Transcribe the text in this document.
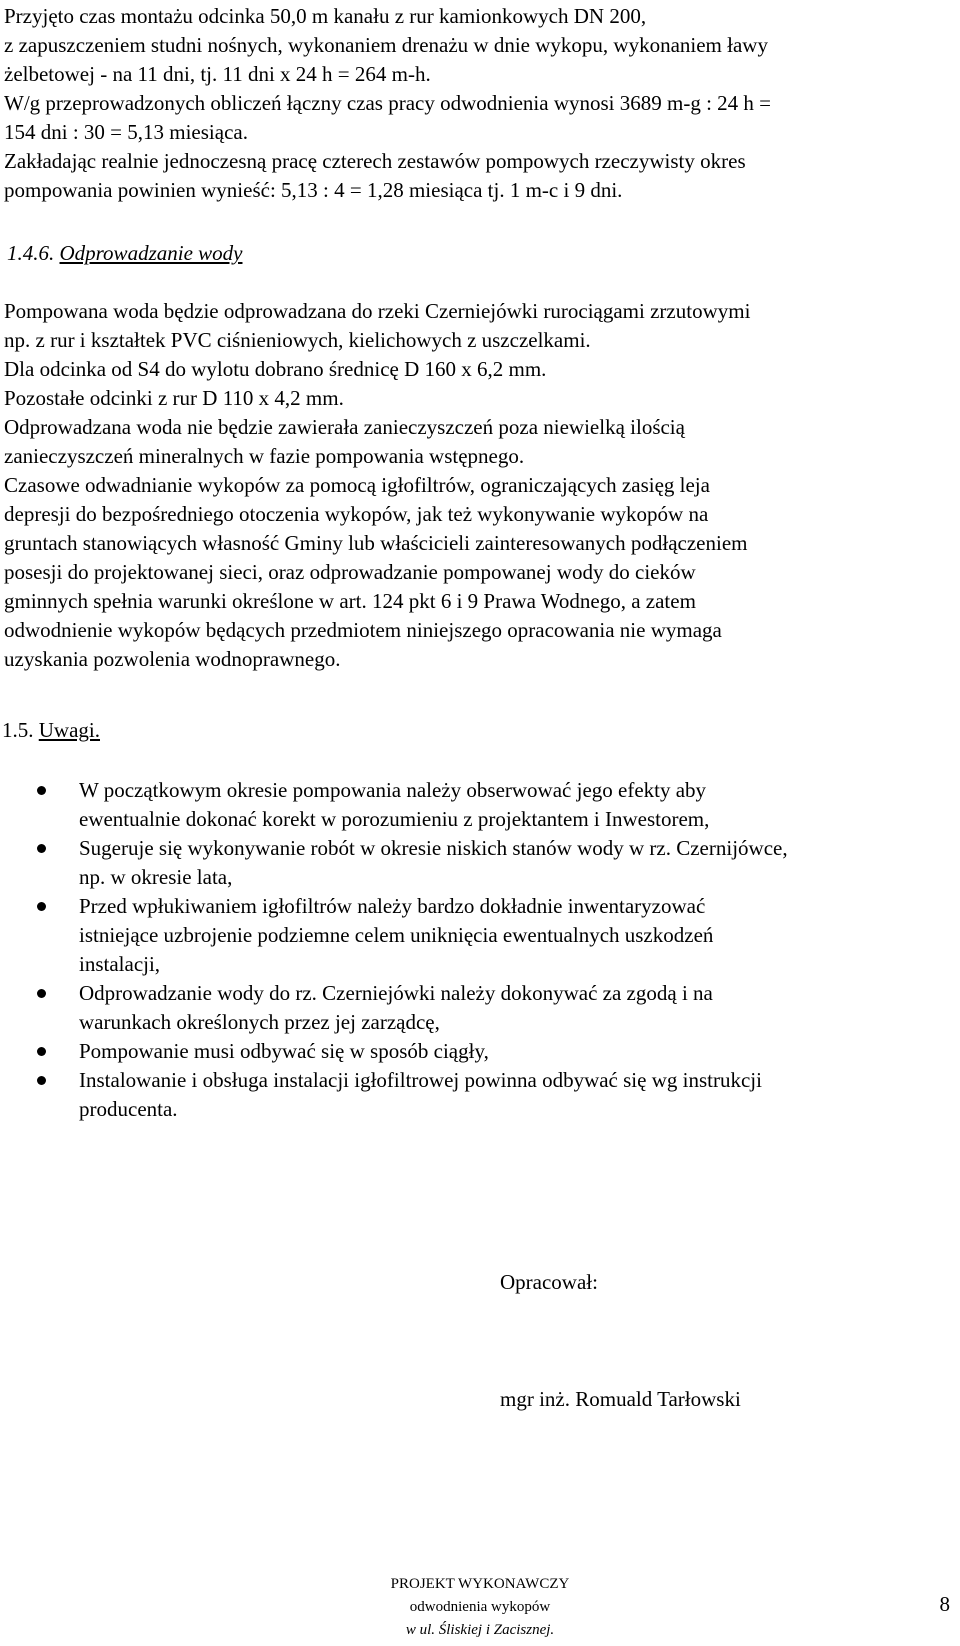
Przyjęto czas montażu odcinka 50,0 m kanału z rur kamionkowych DN 200,
z zapuszczeniem studni nośnych, wykonaniem drenażu w dnie wykopu, wykonaniem ławy
żelbetowej - na 11 dni, tj. 11 dni x 24 h = 264 m-h.
W/g przeprowadzonych obliczeń łączny czas pracy odwodnienia wynosi 3689 m-g : 24 h =
154 dni : 30 = 5,13 miesiąca.
Zakładając realnie jednoczesną pracę czterech zestawów pompowych rzeczywisty okres
pompowania powinien wynieść: 5,13 : 4 = 1,28 miesiąca tj. 1 m-c i 9 dni.
1.4.6. Odprowadzanie wody
Pompowana woda będzie odprowadzana do rzeki Czerniejówki rurociągami zrzutowymi
np. z rur i kształtek PVC ciśnieniowych, kielichowych z uszczelkami.
Dla odcinka od S4 do wylotu dobrano średnicę D 160 x 6,2 mm.
Pozostałe odcinki z rur D 110 x 4,2 mm.
Odprowadzana woda nie będzie zawierała zanieczyszczeń poza niewielką ilością
zanieczyszczeń mineralnych w fazie pompowania wstępnego.
Czasowe odwadnianie wykopów za pomocą igłofiltrów, ograniczających zasięg leja
depresji do bezpośredniego otoczenia wykopów, jak też wykonywanie wykopów na
gruntach stanowiących własność Gminy lub właścicieli zainteresowanych podłączeniem
posesji do projektowanej sieci, oraz odprowadzanie pompowanej wody do cieków
gminnych spełnia warunki określone w art. 124 pkt 6 i 9 Prawa Wodnego, a zatem
odwodnienie wykopów będących przedmiotem niniejszego opracowania nie wymaga
uzyskania pozwolenia wodnoprawnego.
1.5. Uwagi.
W początkowym okresie pompowania należy obserwować jego efekty aby
ewentualnie dokonać korekt w porozumieniu z projektantem i Inwestorem,
Sugeruje się wykonywanie robót w okresie niskich stanów wody w rz. Czernijówce,
np. w okresie lata,
Przed wpłukiwaniem igłofiltrów należy bardzo dokładnie inwentaryzować
istniejące uzbrojenie podziemne celem uniknięcia ewentualnych uszkodzeń
instalacji,
Odprowadzanie wody do rz. Czerniejówki należy dokonywać za zgodą i na
warunkach określonych przez jej zarządcę,
Pompowanie musi odbywać się w sposób ciągły,
Instalowanie i obsługa instalacji igłofiltrowej powinna odbywać się wg instrukcji
producenta.
Opracował:
mgr inż. Romuald Tarłowski
PROJEKT WYKONAWCZY
odwodnienia wykopów
w ul. Śliskiej i Zacisznej.
8
